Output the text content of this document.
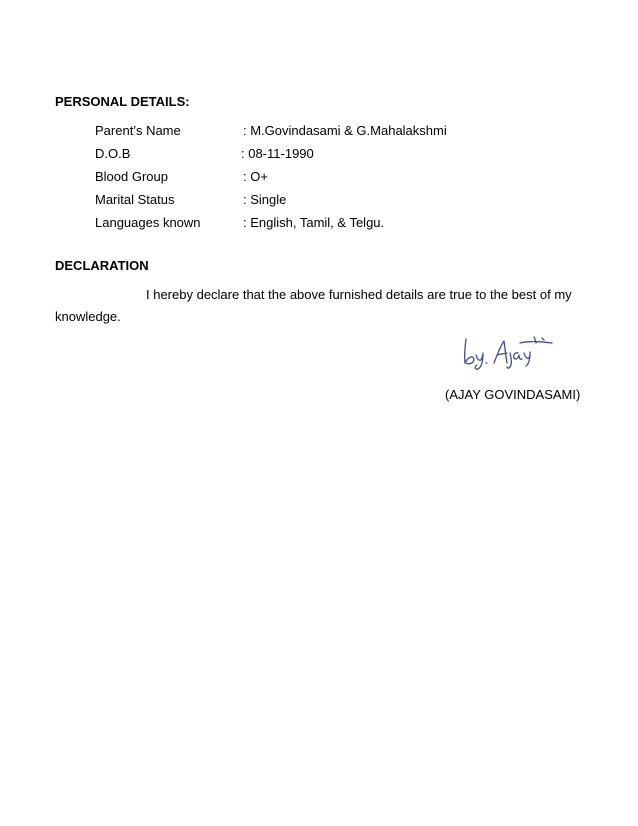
PERSONAL DETAILS:
Parent’s Name	: M.Govindasami & G.Mahalakshmi
D.O.B	: 08-11-1990
Blood Group	: O+
Marital Status	: Single
Languages known	: English, Tamil, & Telgu.
DECLARATION
I hereby declare that the above furnished details are true to the best of my
knowledge.
(AJAY GOVINDASAMI)
